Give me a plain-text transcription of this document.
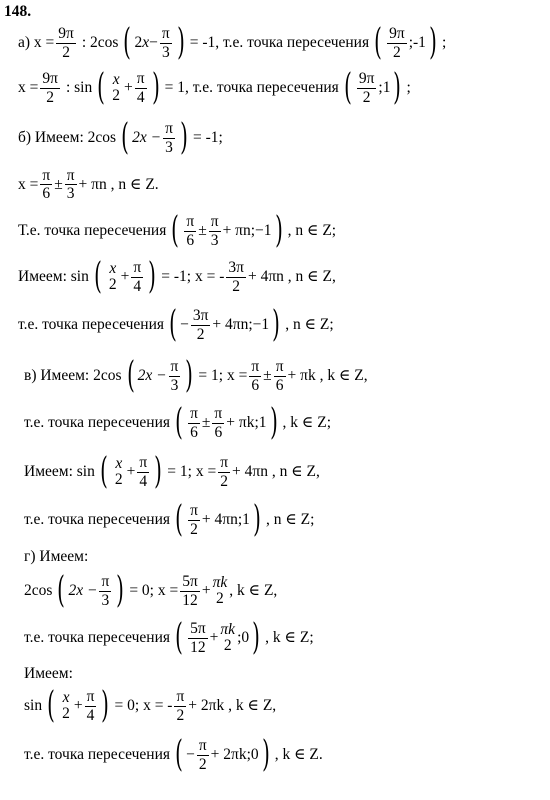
148.
а) $x = \frac{9\pi}{2}$ : 2cos ( 2 $x - \frac{\pi}{3}$ ) = -1, т.е. точка пересечения ( $\frac{9\pi}{2}$ ;-1 ) ;
$x = \frac{9\pi}{2}$ : sin ( x
$2 + \frac{\pi}{4}$ ) = 1, т.е. точка пересечения ( $\frac{9\pi}{2}$ ;1 ) ;
б) Имеем: 2cos ( $2x - \frac{\pi}{3}$ ) = -1;
$x = \frac{\pi}{6} \pm \frac{\pi}{3} + \pi n$ , n ∈ Z.
Т.е. точка пересечения ( $\frac{\pi}{6} \pm \frac{\pi}{3}$ + πn;−1 ) , n ∈ Z;
Имеем: sin ( x
$2 + \frac{\pi}{4}$ ) = -1; x = - $\frac{3\pi}{2} + 4\pi n$ , n ∈ Z,
т.е. точка пересечения ( − $\frac{3\pi}{2}$ + 4πn;−1 ) , n ∈ Z;
в) Имеем: 2cos ( $2x - \frac{\pi}{3}$ ) = 1; $x = \frac{\pi}{6} \pm \frac{\pi}{6} + \pi k$ , k ∈ Z,
т.е. точка пересечения ( $\frac{\pi}{6} \pm \frac{\pi}{6}$ + πk;1 ) , k ∈ Z;
Имеем: sin ( x
$2 + \frac{\pi}{4}$ ) = 1; $x = \frac{\pi}{2} + 4\pi n$ , n ∈ Z,
т.е. точка пересечения ( $\frac{\pi}{2}$ + 4πn;1 ) , n ∈ Z;
г) Имеем:
2cos ( $2x - \frac{\pi}{3}$ ) = 0; $x = \frac{5\pi}{12}$ +
πk
2 , k ∈ Z,
т.е. точка пересечения ( $\frac{5\pi}{12}$ +
πk
2 ;0 ) , k ∈ Z;
Имеем:
sin ( x
$2 + \frac{\pi}{4}$ ) = 0; x = - $\frac{\pi}{2} + 2\pi k$ , k ∈ Z,
т.е. точка пересечения ( − $\frac{\pi}{2}$ + 2πk;0 ) , k ∈ Z.
